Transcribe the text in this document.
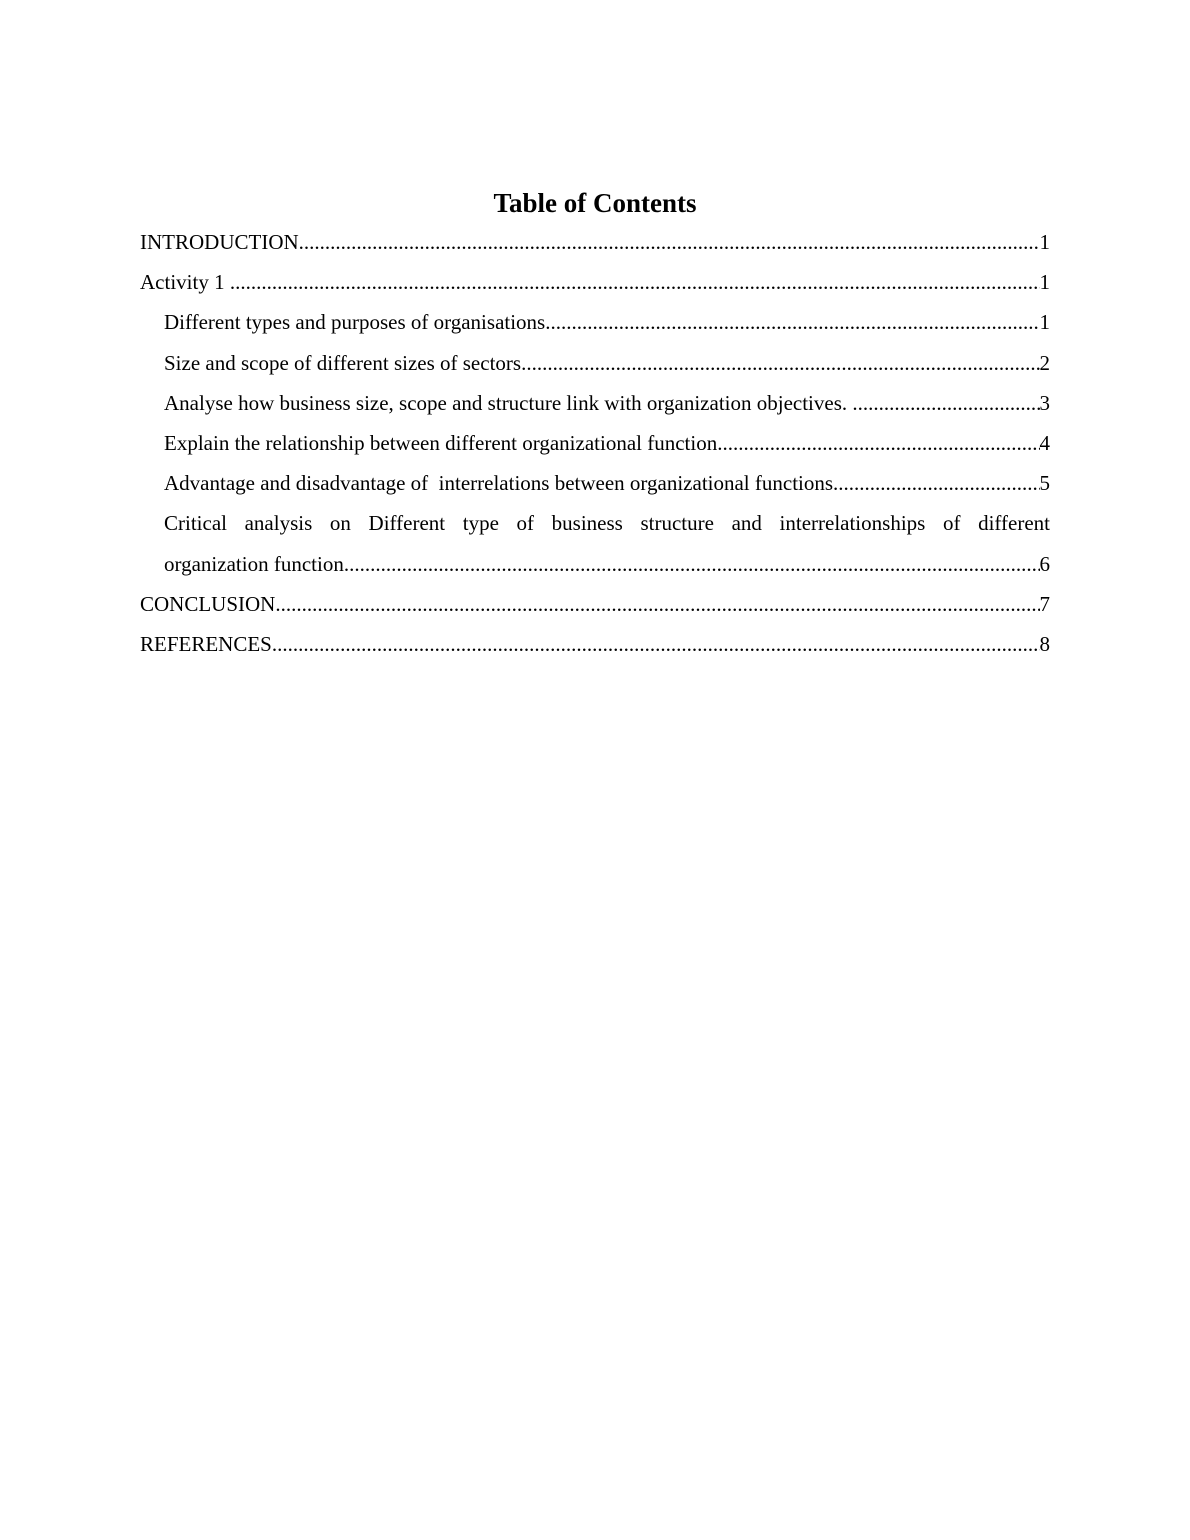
Table of Contents
INTRODUCTION .....	1
Activity 1 .....	1
Different types and purposes of organisations .....	1
Size and scope of different sizes of sectors .....	2
Analyse how business size, scope and structure link with organization objectives. .....	3
Explain the relationship between different organizational function .....	4
Advantage and disadvantage of  interrelations between organizational functions .....	5
Critical analysis on Different type of business structure and interrelationships of different
organization function .....	6
CONCLUSION .....	7
REFERENCES .....	8
